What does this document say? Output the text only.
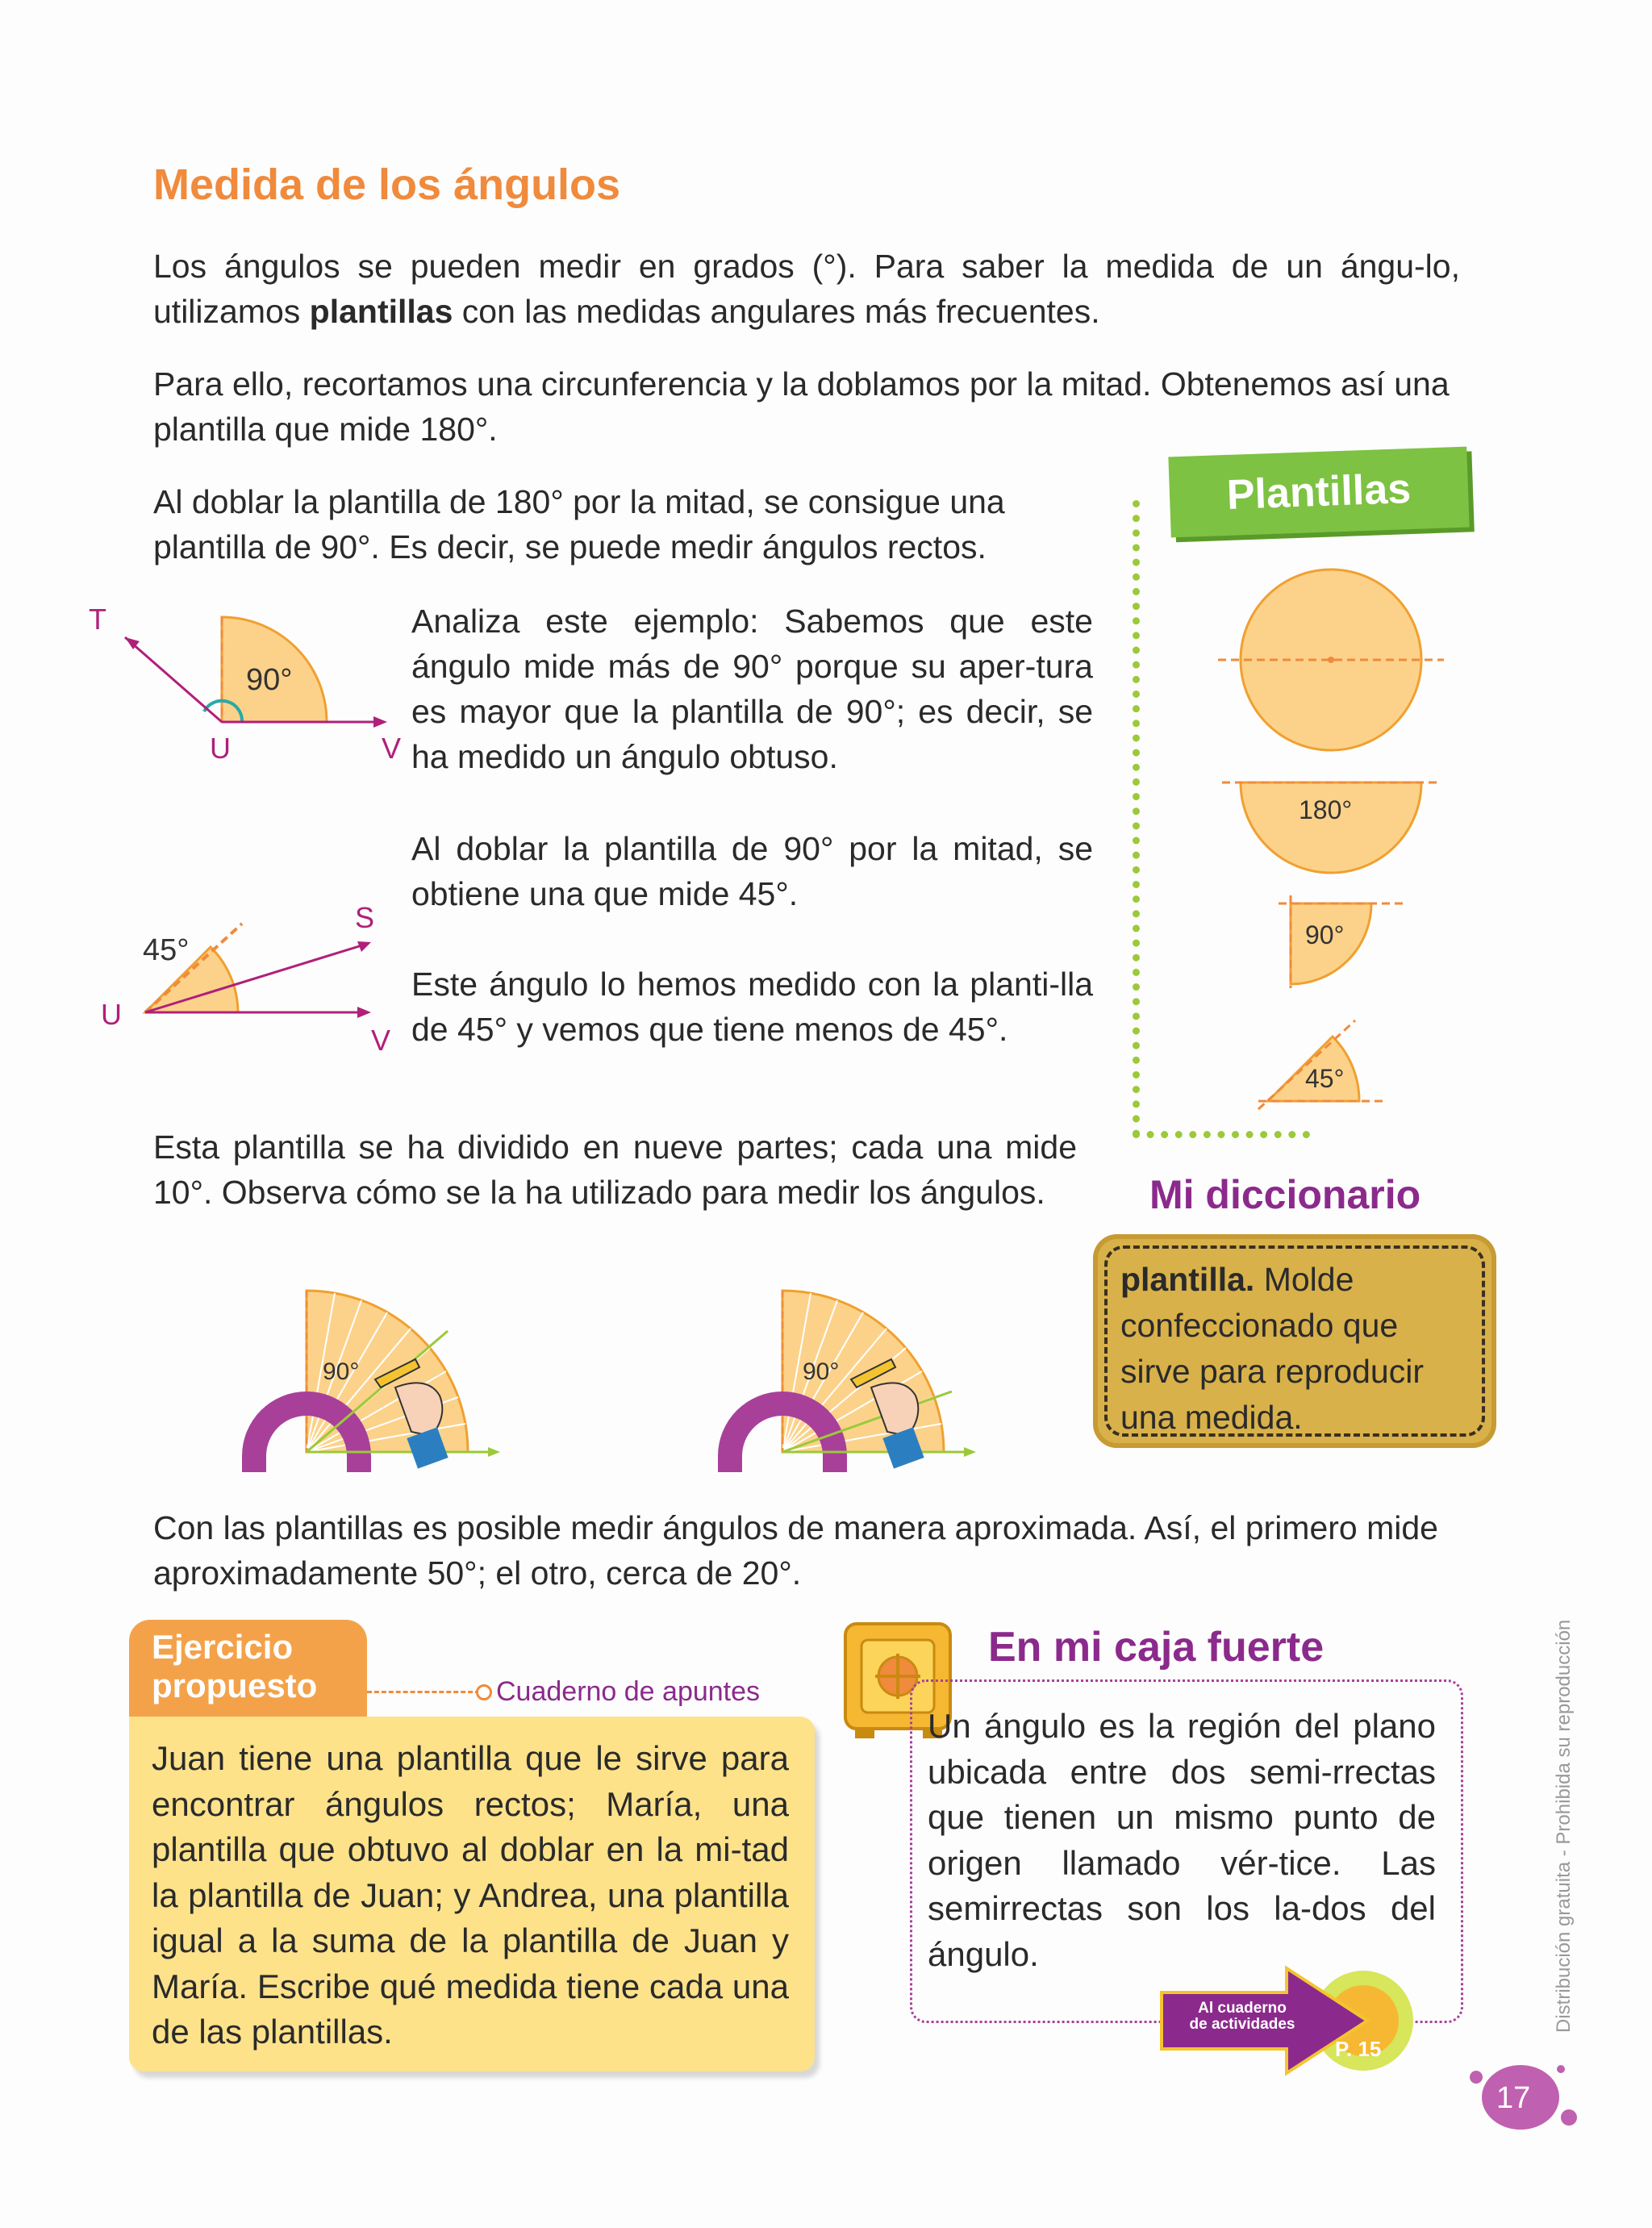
Medida de los ángulos
Los ángulos se pueden medir en grados (°). Para saber la medida de un ángu-lo, utilizamos plantillas con las medidas angulares más frecuentes.
Para ello, recortamos una circunferencia y la doblamos por la mitad. Obtenemos así una plantilla que mide 180°.
Al doblar la plantilla de 180° por la mitad, se consigue una plantilla de 90°. Es decir, se puede medir ángulos rectos.
Analiza este ejemplo: Sabemos que este ángulo mide más de 90° porque su aper-tura es mayor que la plantilla de 90°; es decir, se ha medido un ángulo obtuso.
Al doblar la plantilla de 90° por la mitad, se obtiene una que mide 45°.
Este ángulo lo hemos medido con la planti-lla de 45° y vemos que tiene menos de 45°.
Esta plantilla se ha dividido en nueve partes; cada una mide 10°. Observa cómo se la ha utilizado para medir los ángulos.
Con las plantillas es posible medir ángulos de manera aproximada. Así, el primero mide aproximadamente 50°; el otro, cerca de 20°.
90°
T
U	V
45°
S
U
V
90°
0
90°
0
Plantillas
180°
90°
45°
Mi diccionario
plantilla. Molde confeccionado que sirve para reproducir una medida.
Ejercicio
propuesto	Cuaderno de apuntes
Juan tiene una plantilla que le sirve para encontrar ángulos rectos; María, una plantilla que obtuvo al doblar en la mi-tad la plantilla de Juan; y Andrea, una plantilla igual a la suma de la plantilla de Juan y María. Escribe qué medida tiene cada una de las plantillas.
En mi caja fuerte
Un ángulo es la región del plano ubicada entre dos semi-rrectas que tienen un mismo punto de origen llamado vér-tice. Las semirrectas son los la-dos del ángulo.
Al cuaderno
de actividades
P. 15
Distribución gratuita - Prohibida su reproducción
17
